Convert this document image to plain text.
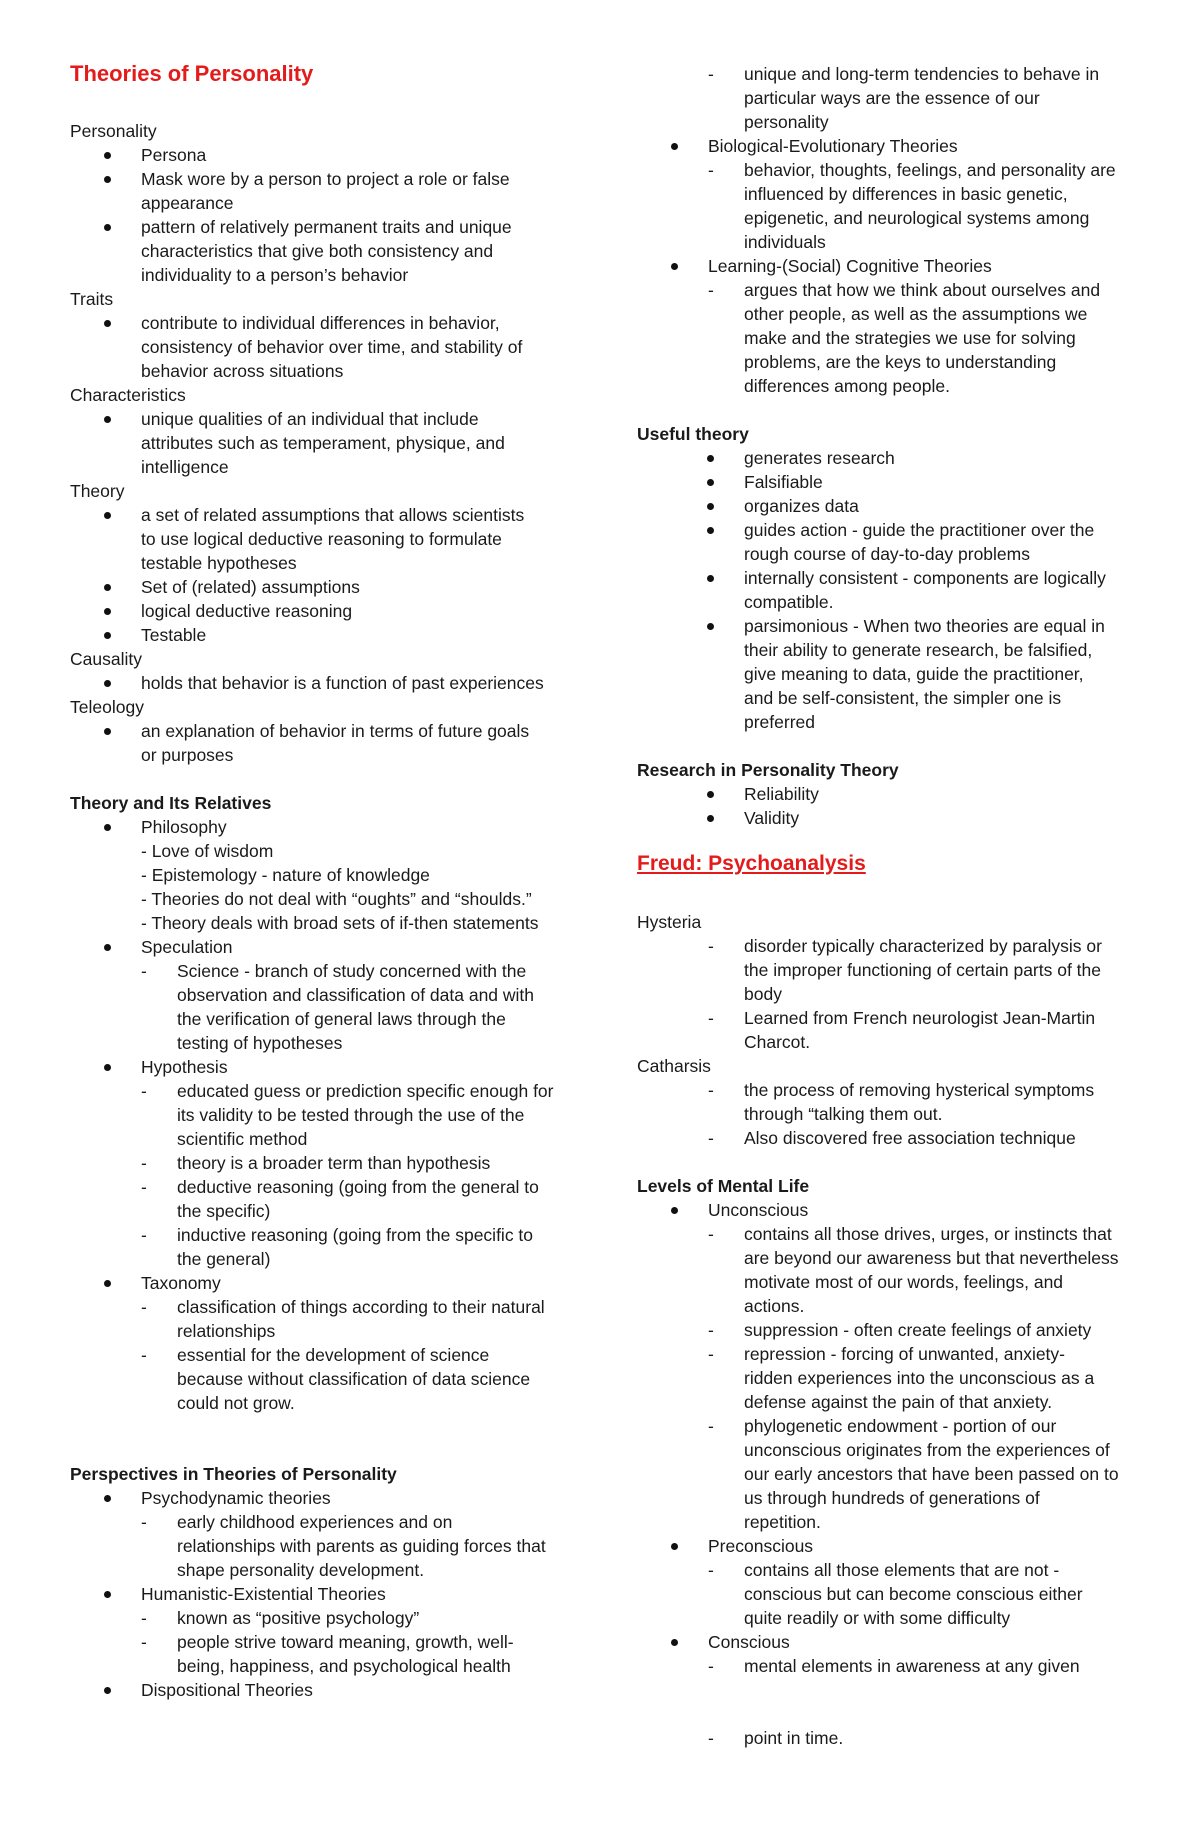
Theories of Personality
Personality
Persona
Mask wore by a person to project a role or false
appearance
pattern of relatively permanent traits and unique
characteristics that give both consistency and
individuality to a person’s behavior
Traits
contribute to individual differences in behavior,
consistency of behavior over time, and stability of
behavior across situations
Characteristics
unique qualities of an individual that include
attributes such as temperament, physique, and
intelligence
Theory
a set of related assumptions that allows scientists
to use logical deductive reasoning to formulate
testable hypotheses
Set of (related) assumptions
logical deductive reasoning
Testable
Causality
holds that behavior is a function of past experiences
Teleology
an explanation of behavior in terms of future goals
or purposes
Theory and Its Relatives
Philosophy
- Love of wisdom
- Epistemology - nature of knowledge
- Theories do not deal with “oughts” and “shoulds.”
- Theory deals with broad sets of if-then statements
Speculation
- Science - branch of study concerned with the
observation and classification of data and with
the verification of general laws through the
testing of hypotheses
Hypothesis
- educated guess or prediction specific enough for
its validity to be tested through the use of the
scientific method
- theory is a broader term than hypothesis
- deductive reasoning (going from the general to
the specific)
- inductive reasoning (going from the specific to
the general)
Taxonomy
- classification of things according to their natural
relationships
- essential for the development of science
because without classification of data science
could not grow.
Perspectives in Theories of Personality
Psychodynamic theories
- early childhood experiences and on
relationships with parents as guiding forces that
shape personality development.
Humanistic-Existential Theories
- known as “positive psychology”
- people strive toward meaning, growth, well-
being, happiness, and psychological health
Dispositional Theories
- unique and long-term tendencies to behave in
particular ways are the essence of our
personality
Biological-Evolutionary Theories
- behavior, thoughts, feelings, and personality are
influenced by differences in basic genetic,
epigenetic, and neurological systems among
individuals
Learning-(Social) Cognitive Theories
- argues that how we think about ourselves and
other people, as well as the assumptions we
make and the strategies we use for solving
problems, are the keys to understanding
differences among people.
Useful theory
generates research
Falsifiable
organizes data
guides action - guide the practitioner over the
rough course of day-to-day problems
internally consistent - components are logically
compatible.
parsimonious - When two theories are equal in
their ability to generate research, be falsified,
give meaning to data, guide the practitioner,
and be self-consistent, the simpler one is
preferred
Research in Personality Theory
Reliability
Validity
Freud: Psychoanalysis
Hysteria
- disorder typically characterized by paralysis or
the improper functioning of certain parts of the
body
- Learned from French neurologist Jean-Martin
Charcot.
Catharsis
- the process of removing hysterical symptoms
through “talking them out.
- Also discovered free association technique
Levels of Mental Life
Unconscious
- contains all those drives, urges, or instincts that
are beyond our awareness but that nevertheless
motivate most of our words, feelings, and
actions.
- suppression - often create feelings of anxiety
- repression - forcing of unwanted, anxiety-
ridden experiences into the unconscious as a
defense against the pain of that anxiety.
- phylogenetic endowment - portion of our
unconscious originates from the experiences of
our early ancestors that have been passed on to
us through hundreds of generations of
repetition.
Preconscious
- contains all those elements that are not -
conscious but can become conscious either
quite readily or with some difficulty
Conscious
- mental elements in awareness at any given
- point in time.
